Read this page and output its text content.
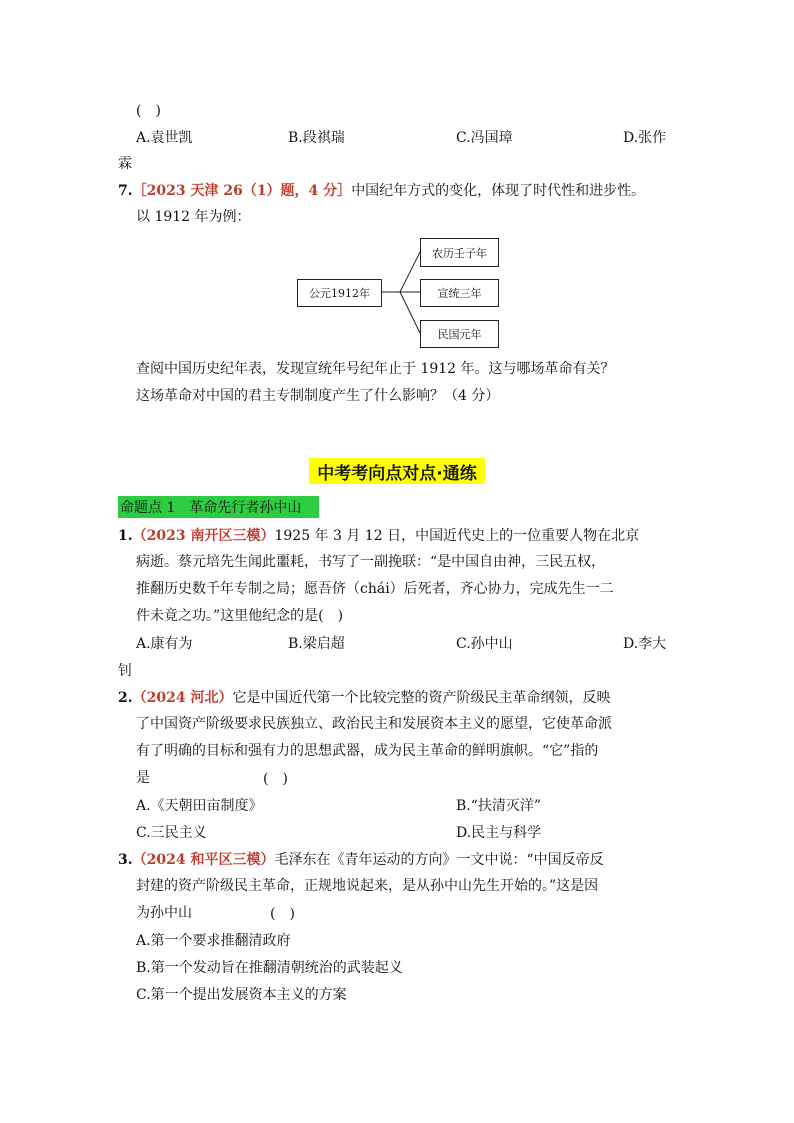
(　)
A.袁世凯	B.段祺瑞	C.冯国璋	D.张作
霖
7.［2023 天津 26（1）题，4 分］中国纪年方式的变化，体现了时代性和进步性。
以 1912 年为例：
公元1912年
农历壬子年
宣统三年
民国元年
查阅中国历史纪年表，发现宣统年号纪年止于 1912 年。这与哪场革命有关？
这场革命对中国的君主专制制度产生了什么影响？（4 分）
中考考向点对点·通练
命题点 1　革命先行者孙中山
1.（2023 南开区三模）1925 年 3 月 12 日，中国近代史上的一位重要人物在北京
病逝。蔡元培先生闻此噩耗，书写了一副挽联：“是中国自由神，三民五权，
推翻历史数千年专制之局；愿吾侪（chái）后死者，齐心协力，完成先生一二
件未竟之功。”这里他纪念的是(　)
A.康有为	B.梁启超	C.孙中山	D.李大
钊
2.（2024 河北）它是中国近代第一个比较完整的资产阶级民主革命纲领，反映
了中国资产阶级要求民族独立、政治民主和发展资本主义的愿望，它使革命派
有了明确的目标和强有力的思想武器，成为民主革命的鲜明旗帜。“它”指的
是	(　)
A.《天朝田亩制度》	B.“扶清灭洋”
C.三民主义	D.民主与科学
3.（2024 和平区三模）毛泽东在《青年运动的方向》一文中说：“中国反帝反
封建的资产阶级民主革命，正规地说起来，是从孙中山先生开始的。”这是因
为孙中山	(　)
A.第一个要求推翻清政府
B.第一个发动旨在推翻清朝统治的武装起义
C.第一个提出发展资本主义的方案
